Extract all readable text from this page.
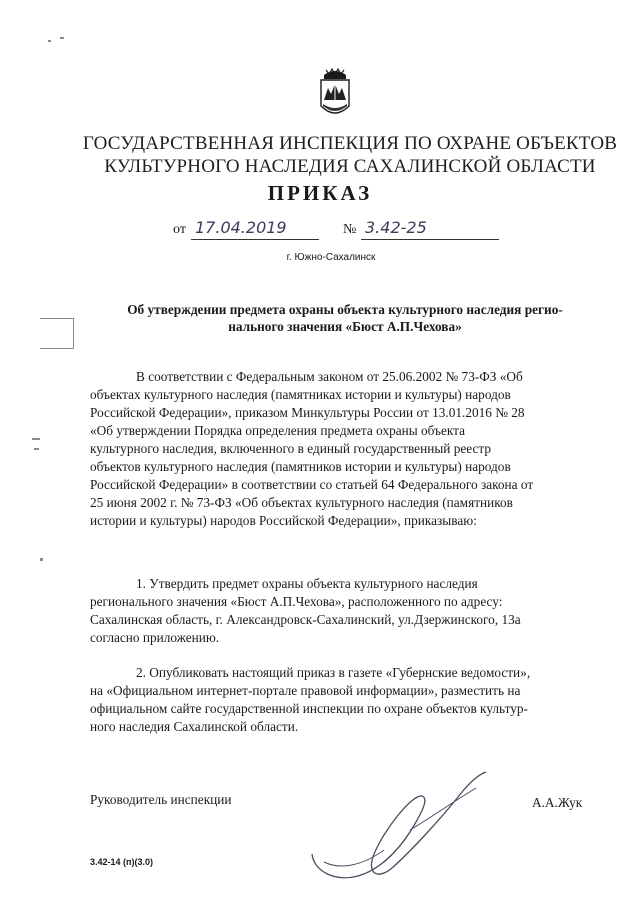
ГОСУДАРСТВЕННАЯ ИНСПЕКЦИЯ ПО ОХРАНЕ ОБЪЕКТОВ
КУЛЬТУРНОГО НАСЛЕДИЯ САХАЛИНСКОЙ ОБЛАСТИ
ПРИКАЗ
от 17.04.2019	№ 3.42-25
г. Южно-Сахалинск
Об утверждении предмета охраны объекта культурного наследия регио-
нального значения «Бюст А.П.Чехова»
В соответствии с Федеральным законом от 25.06.2002 № 73-ФЗ «Об
объектах культурного наследия (памятниках истории и культуры) народов
Российской Федерации», приказом Минкультуры России от 13.01.2016 № 28
«Об утверждении Порядка определения предмета охраны объекта
культурного наследия, включенного в единый государственный реестр
объектов культурного наследия (памятников истории и культуры) народов
Российской Федерации» в соответствии со статьей 64 Федерального закона от
25 июня 2002 г. № 73-ФЗ «Об объектах культурного наследия (памятников
истории и культуры) народов Российской Федерации», приказываю:
1. Утвердить предмет охраны объекта культурного наследия
регионального значения «Бюст А.П.Чехова», расположенного по адресу:
Сахалинская область, г. Александровск-Сахалинский, ул.Дзержинского, 13а
согласно приложению.
2. Опубликовать настоящий приказ в газете «Губернские ведомости»,
на «Официальном интернет-портале правовой информации», разместить на
официальном сайте государственной инспекции по охране объектов культур-
ного наследия Сахалинской области.
Руководитель инспекции	А.А.Жук
3.42-14 (п)(3.0)
